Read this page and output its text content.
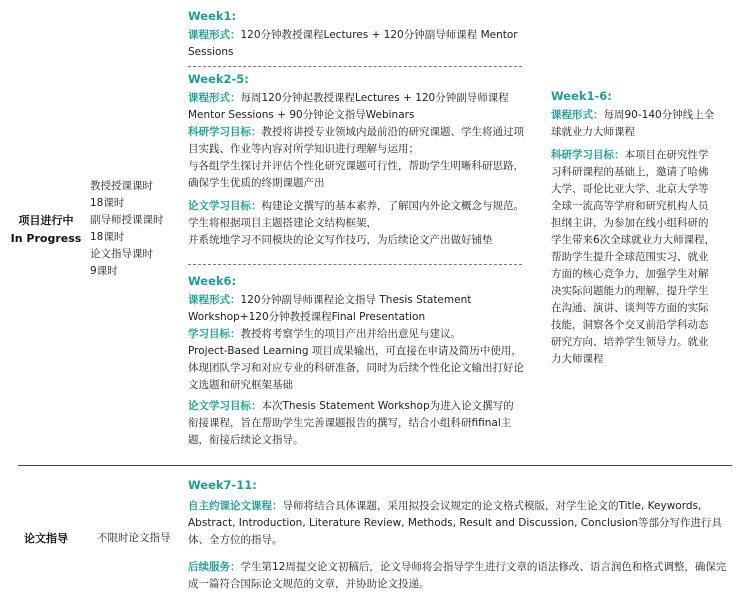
项目进行中
In Progress
教授授课课时
18课时
副导师授课课时
18课时
论文指导课时
9课时
Week1:

课程形式：120分钟教授课程Lectures + 120分钟副导师课程 Mentor Sessions

Week2-5:

课程形式：每周120分钟起教授课程Lectures + 120分钟副导师课程 Mentor Sessions + 90分钟论文指导Webinars

科研学习目标：教授将讲授专业领域内最前沿的研究课题、学生将通过项目实践、作业等内容对所学知识进行理解与运用；

与各组学生探讨并评估个性化研究课题可行性，帮助学生明晰科研思路，确保学生优质的终期课题产出

论文学习目标：构建论文撰写的基本素养，了解国内外论文概念与规范。学生将根据项目主题搭建论文结构框架，

并系统地学习不同模块的论文写作技巧，为后续论文产出做好铺垫

Week6:

课程形式：120分钟副导师课程论文指导 Thesis Statement Workshop+120分钟教授课程Final Presentation

学习目标：教授将考察学生的项目产出并给出意见与建议。

Project-Based Learning 项目成果输出，可直接在申请及简历中使用，体现团队学习和对应专业的科研准备，同时为后续个性化论文输出打好论文选题和研究框架基础

论文学习目标：本次Thesis Statement Workshop为进入论文撰写的衔接课程，旨在帮助学生完善课题报告的撰写，结合小组科研fifinal主题，衔接后续论文指导。

Week1-6:

课程形式：每周90-140分钟线上全球就业力大师课程

科研学习目标：本项目在研究性学习科研课程的基础上，邀请了哈佛大学、哥伦比亚大学、北京大学等全球一流高等学府和研究机构人员担纲主讲，为参加在线小组科研的学生带来6次全球就业力大师课程，帮助学生提升全球范围实习、就业方面的核心竞争力，加强学生对解决实际问题能力的理解，提升学生在沟通、演讲、谈判等方面的实际技能，洞察各个交叉前沿学科动态研究方向、培养学生领导力。就业力大师课程

论文指导	不限时论文指导
Week7-11:

自主约课论文课程：导师将结合具体课题，采用拟投会议规定的论文格式模版，对学生论文的Title, Keywords, Abstract, Introduction, Literature Review, Methods, Result and Discussion, Conclusion等部分写作进行具体、全方位的指导。

后续服务：学生第12周提交论文初稿后，论文导师将会指导学生进行文章的语法修改、语言润色和格式调整，确保完成一篇符合国际论文规范的文章，并协助论文投递。
